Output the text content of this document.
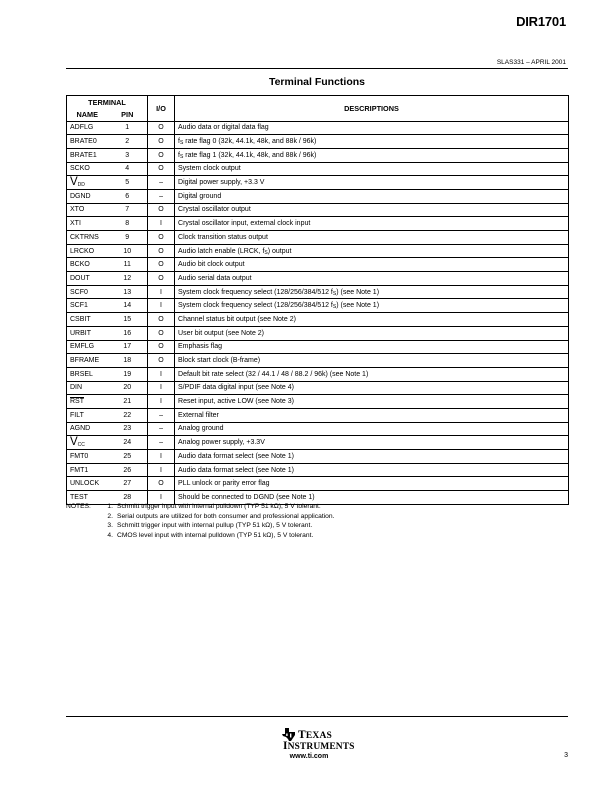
DIR1701
SLAS331 – APRIL 2001
Terminal Functions
TERMINAL		I/O	DESCRIPTIONS
NAME	PIN		
ADFLG	1	O	Audio data or digital data flag
BRATE0	2	O	$f_S$ rate flag 0 (32k, 44.1k, 48k, and 88k / 96k)
BRATE1	3	O	$f_S$ rate flag 1 (32k, 44.1k, 48k, and 88k / 96k)
SCKO	4	O	System clock output
$V_{DD}$	5	–	Digital power supply, +3.3 V
DGND	6	–	Digital ground
XTO	7	O	Crystal oscillator output
XTI	8	I	Crystal oscillator input, external clock input
CKTRNS	9	O	Clock transition status output
LRCKO	10	O	Audio latch enable (LRCK, $f_S$) output
BCKO	11	O	Audio bit clock output
DOUT	12	O	Audio serial data output
SCF0	13	I	System clock frequency select (128/256/384/512 $f_S$) (see Note 1)
SCF1	14	I	System clock frequency select (128/256/384/512 $f_S$) (see Note 1)
CSBIT	15	O	Channel status bit output (see Note 2)
URBIT	16	O	User bit output (see Note 2)
EMFLG	17	O	Emphasis flag
BFRAME	18	O	Block start clock (B-frame)
BRSEL	19	I	Default bit rate select (32 / 44.1 / 48 / 88.2 / 96k) (see Note 1)
DIN	20	I	S/PDIF data digital input (see Note 4)
$\overline{RST}$	21	I	Reset input, active LOW (see Note 3)
FILT	22	–	External filter
AGND	23	–	Analog ground
$V_{CC}$	24	–	Analog power supply, +3.3V
FMT0	25	I	Audio data format select (see Note 1)
FMT1	26	I	Audio data format select (see Note 1)
UNLOCK	27	O	PLL unlock or parity error flag
TEST	28	I	Should be connected to DGND (see Note 1)
NOTES:	1. Schmitt trigger input with internal pulldown (TYP 51 kΩ), 5 V tolerant.
2. Serial outputs are utilized for both consumer and professional application.
3. Schmitt trigger input with internal pullup (TYP 51 kΩ), 5 V tolerant.
4. CMOS level input with internal pulldown (TYP 51 kΩ), 5 V tolerant.
TEXAS
INSTRUMENTS
www.ti.com	3
